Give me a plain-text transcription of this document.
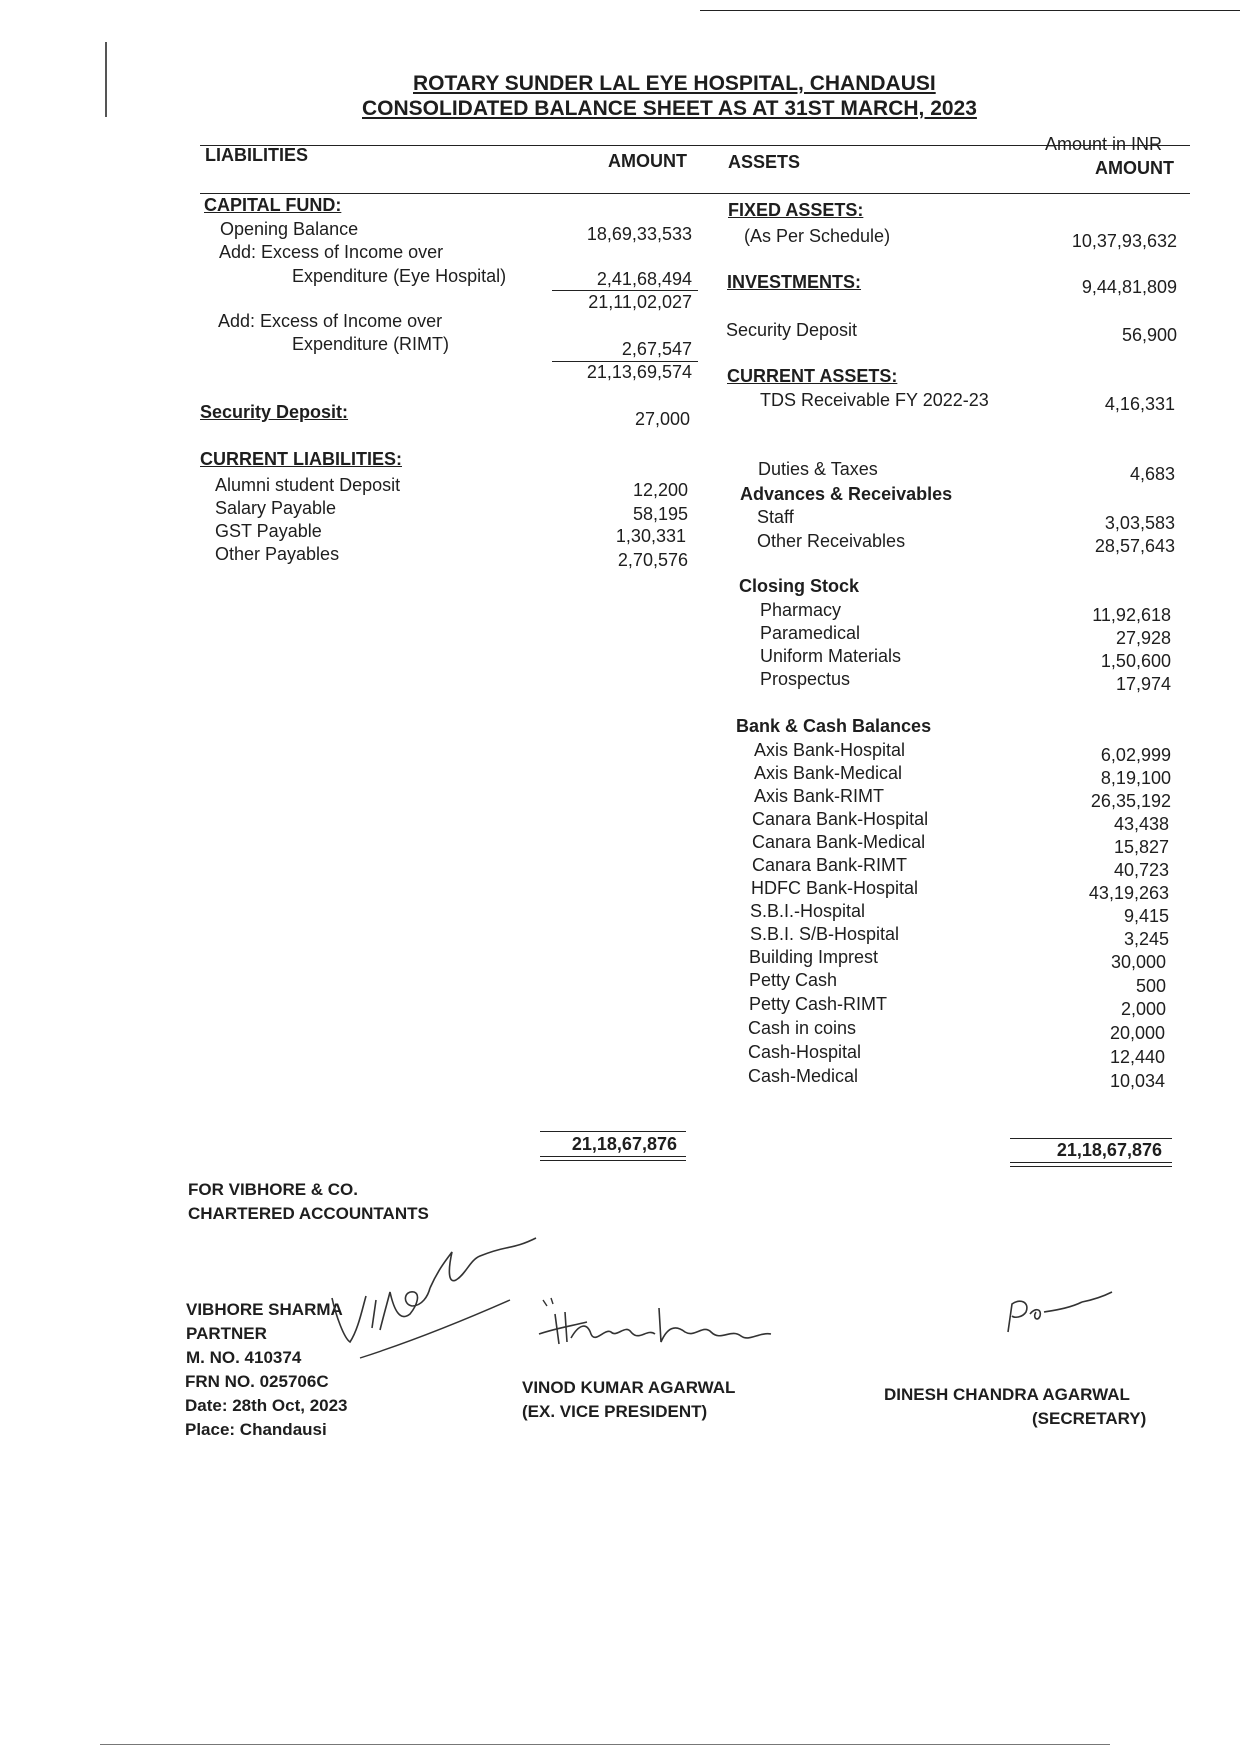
ROTARY SUNDER LAL EYE HOSPITAL, CHANDAUSI
CONSOLIDATED BALANCE SHEET AS AT 31ST MARCH, 2023
LIABILITIES	AMOUNT ASSETS
Amount in INR
AMOUNT
CAPITAL FUND:
Opening Balance	18,69,33,533
Add: Excess of Income over
Expenditure (Eye Hospital)	2,41,68,494
21,11,02,027
Add: Excess of Income over
Expenditure (RIMT)	2,67,547
21,13,69,574
Security Deposit:	27,000
CURRENT LIABILITIES:
Alumni student Deposit	12,200
Salary Payable	58,195
GST Payable	1,30,331
Other Payables	2,70,576
21,18,67,876
FIXED ASSETS:
(As Per Schedule)	10,37,93,632
INVESTMENTS:	9,44,81,809
Security Deposit	56,900
CURRENT ASSETS:
TDS Receivable FY 2022-23	4,16,331
Duties & Taxes	4,683
Advances & Receivables
Staff	3,03,583
Other Receivables	28,57,643
Closing Stock
Pharmacy	11,92,618
Paramedical	27,928
Uniform Materials	1,50,600
Prospectus	17,974
Bank & Cash Balances
Axis Bank-Hospital	6,02,999
Axis Bank-Medical	8,19,100
Axis Bank-RIMT	26,35,192
Canara Bank-Hospital	43,438
Canara Bank-Medical	15,827
Canara Bank-RIMT	40,723
HDFC Bank-Hospital	43,19,263
S.B.I.-Hospital	9,415
S.B.I. S/B-Hospital	3,245
Building Imprest	30,000
Petty Cash	500
Petty Cash-RIMT	2,000
Cash in coins	20,000
Cash-Hospital	12,440
Cash-Medical	10,034
21,18,67,876
FOR VIBHORE & CO.
CHARTERED ACCOUNTANTS
VIBHORE SHARMA
PARTNER
M. NO. 410374
FRN NO. 025706C
Date: 28th Oct, 2023
Place: Chandausi
VINOD KUMAR AGARWAL
(EX. VICE PRESIDENT)
DINESH CHANDRA AGARWAL
(SECRETARY)
